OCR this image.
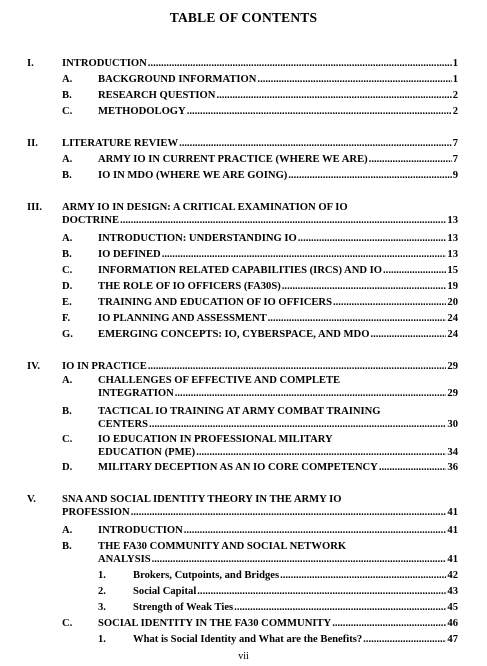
TABLE OF CONTENTS
I.	INTRODUCTION .....	1
A. BACKGROUND INFORMATION .....	1
B. RESEARCH QUESTION .....	2
C. METHODOLOGY .....	2
II. LITERATURE REVIEW .....	7
A. ARMY IO IN CURRENT PRACTICE (WHERE WE ARE) .....	7
B. IO IN MDO (WHERE WE ARE GOING) .....	9
III. ARMY IO IN DESIGN: A CRITICAL EXAMINATION OF IO
DOCTRINE .....	13
A. INTRODUCTION: UNDERSTANDING IO .....	13
B. IO DEFINED .....	13
C. INFORMATION RELATED CAPABILITIES (IRCS) AND IO .....	15
D. THE ROLE OF IO OFFICERS (FA30S) .....	19
E. TRAINING AND EDUCATION OF IO OFFICERS .....	20
F.	IO PLANNING AND ASSESSMENT .....	24
G. EMERGING CONCEPTS: IO, CYBERSPACE, AND MDO .....	24
IV. IO IN PRACTICE .....	29
A. CHALLENGES OF EFFECTIVE AND COMPLETE
INTEGRATION .....	29
B. TACTICAL IO TRAINING AT ARMY COMBAT TRAINING
CENTERS .....	30
C. IO EDUCATION IN PROFESSIONAL MILITARY
EDUCATION (PME) .....	34
D. MILITARY DECEPTION AS AN IO CORE COMPETENCY .....	36
V. SNA AND SOCIAL IDENTITY THEORY IN THE ARMY IO
PROFESSION .....	41
A. INTRODUCTION .....	41
B. THE FA30 COMMUNITY AND SOCIAL NETWORK
ANALYSIS .....	41
1.	Brokers, Cutpoints, and Bridges .....	42
2.	Social Capital .....	43
3.	Strength of Weak Ties .....	45
C. SOCIAL IDENTITY IN THE FA30 COMMUNITY .....	46
1.	What is Social Identity and What are the Benefits? .....	47
vii
